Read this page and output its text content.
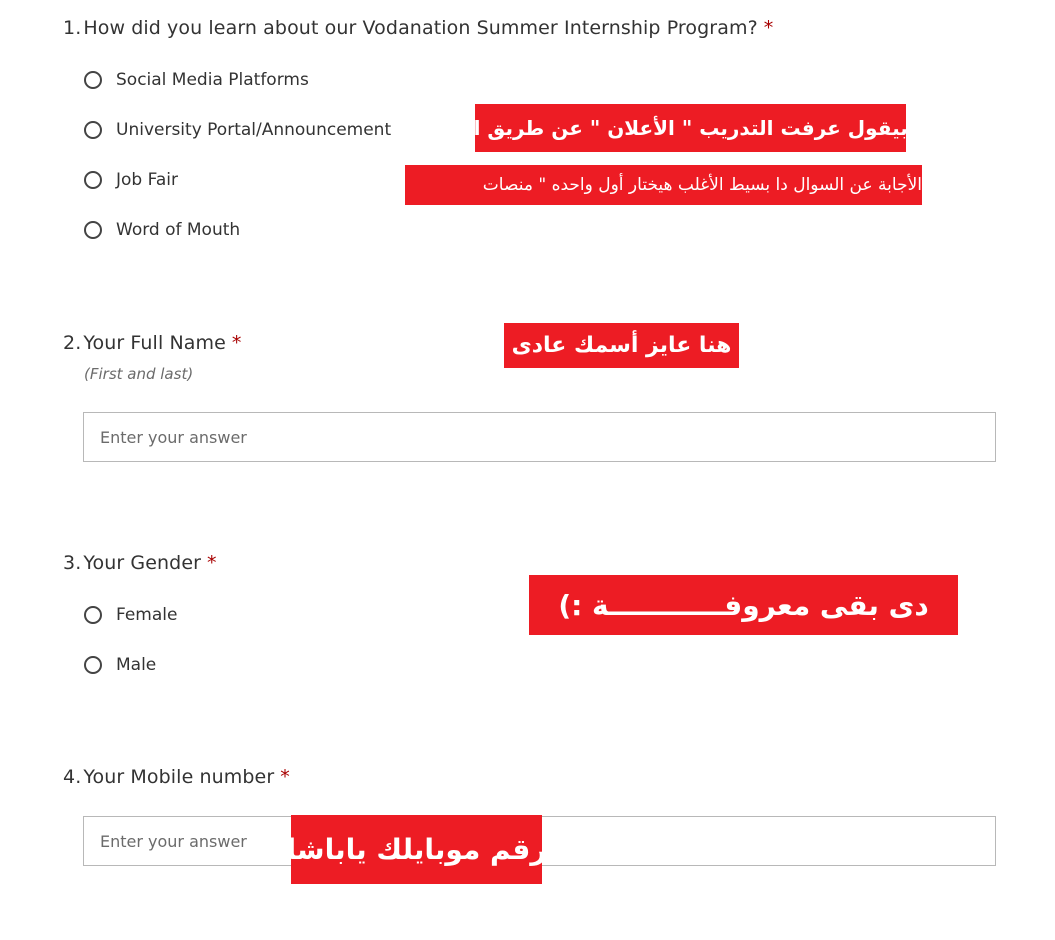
1. How did you learn about our Vodanation Summer Internship Program? *
Social Media Platforms
University Portal/Announcement
Job Fair
Word of Mouth
هنا بيقول عرفت التدريب " الأعلان " عن طريق اى ؟
الأجابة عن السوال دا بسيط الأغلب هيختار أول واحده " منصات
2. Your Full Name *
(First and last)
Enter your answer
هنا عايز أسمك عادى
3. Your Gender *
Female
Male
دى بقى معروفــــــــــــة :)
4. Your Mobile number *
Enter your answer
رقم موبايلك ياباشا
